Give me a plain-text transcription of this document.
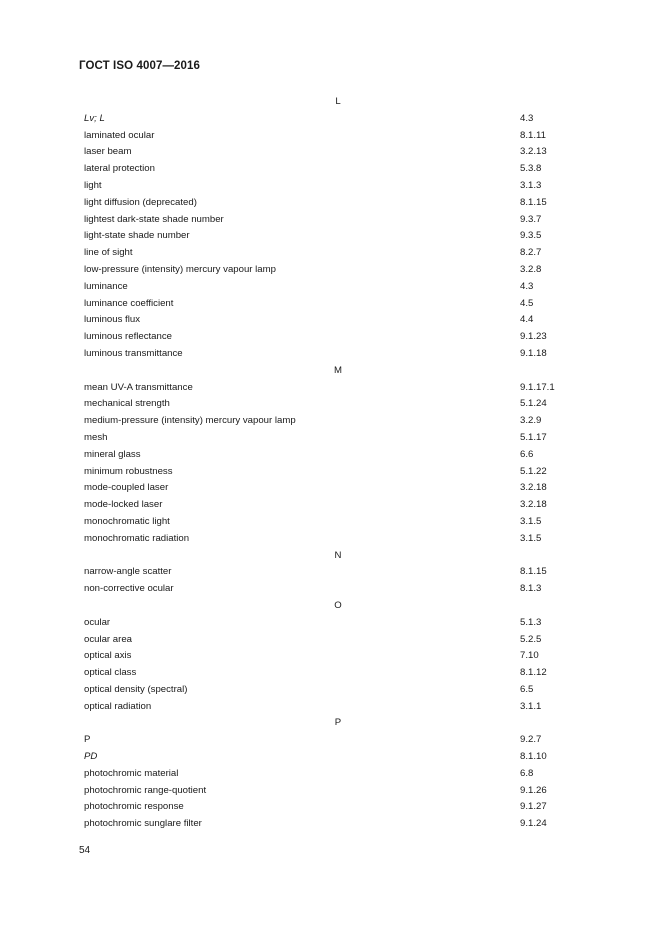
ГОСТ ISO 4007—2016
L
Lv; L	4.3
laminated ocular	8.1.11
laser beam	3.2.13
lateral protection	5.3.8
light	3.1.3
light diffusion (deprecated)	8.1.15
lightest dark-state shade number	9.3.7
light-state shade number	9.3.5
line of sight	8.2.7
low-pressure (intensity) mercury vapour lamp	3.2.8
luminance	4.3
luminance coefficient	4.5
luminous flux	4.4
luminous reflectance	9.1.23
luminous transmittance	9.1.18
M
mean UV-A transmittance	9.1.17.1
mechanical strength	5.1.24
medium-pressure (intensity) mercury vapour lamp	3.2.9
mesh	5.1.17
mineral glass	6.6
minimum robustness	5.1.22
mode-coupled laser	3.2.18
mode-locked laser	3.2.18
monochromatic light	3.1.5
monochromatic radiation	3.1.5
N
narrow-angle scatter	8.1.15
non-corrective ocular	8.1.3
O
ocular	5.1.3
ocular area	5.2.5
optical axis	7.10
optical class	8.1.12
optical density (spectral)	6.5
optical radiation	3.1.1
P
P	9.2.7
PD	8.1.10
photochromic material	6.8
photochromic range-quotient	9.1.26
photochromic response	9.1.27
photochromic sunglare filter	9.1.24
54
